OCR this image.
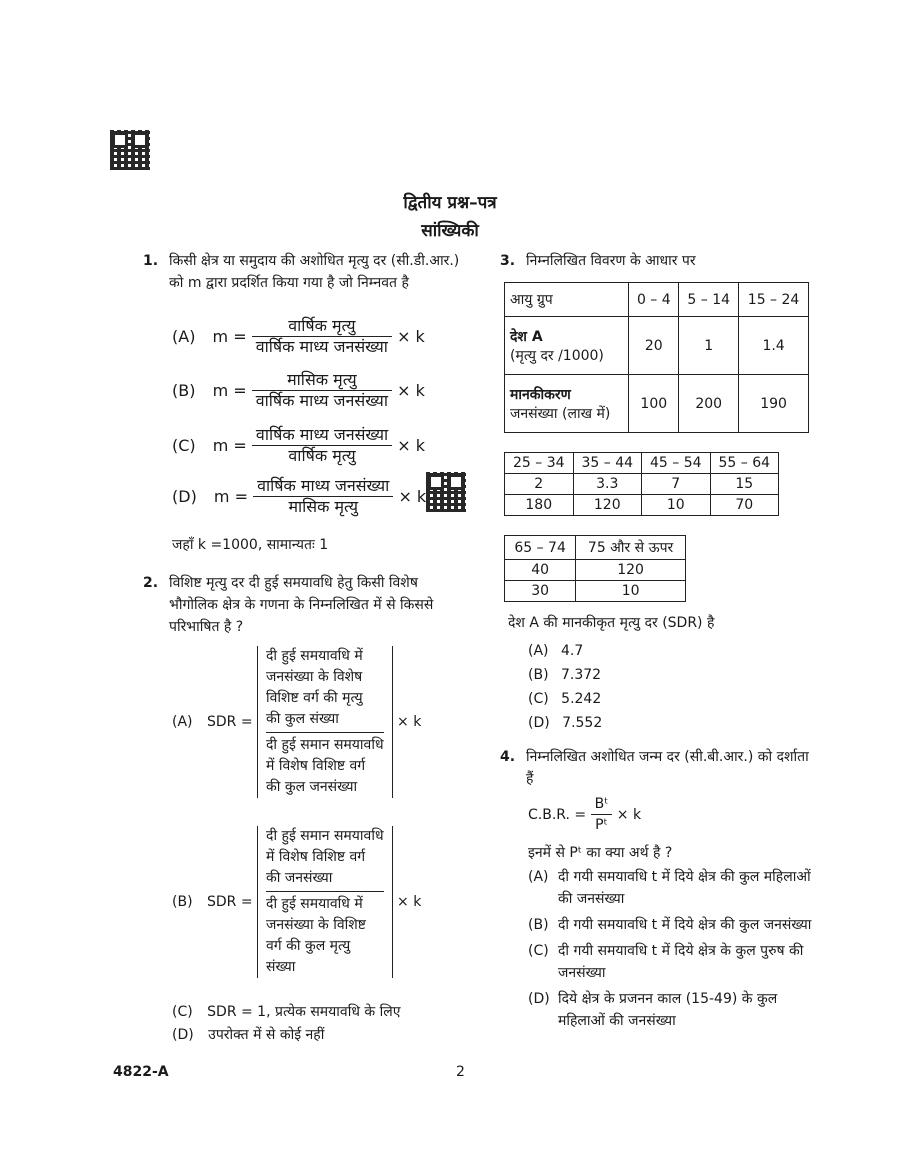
द्वितीय प्रश्न–पत्र
सांख्यिकी
1. किसी क्षेत्र या समुदाय की अशोधित मृत्यु दर (सी.डी.आर.) को m द्वारा प्रदर्शित किया गया है जो निम्नवत है
(A) $m = \frac{\text{वार्षिक मृत्यु}}{\text{वार्षिक माध्य जनसंख्या}} \times k$
(B) $m = \frac{\text{मासिक मृत्यु}}{\text{वार्षिक माध्य जनसंख्या}} \times k$
(C) $m = \frac{\text{वार्षिक माध्य जनसंख्या}}{\text{वार्षिक मृत्यु}} \times k$
(D) $m = \frac{\text{वार्षिक माध्य जनसंख्या}}{\text{मासिक मृत्यु}} \times k$
जहाँ k =1000, सामान्यतः 1
2. विशिष्ट मृत्यु दर दी हुई समयावधि हेतु किसी विशेष भौगोलिक क्षेत्र के गणना के निम्नलिखित में से किससे परिभाषित है ?
(A) SDR =
दी हुई समयावधि में
जनसंख्या के विशेष
विशिष्ट वर्ग की मृत्यु
की कुल संख्या
दी हुई समान समयावधि
में विशेष विशिष्ट वर्ग
की कुल जनसंख्या
× k
(B) SDR =
दी हुई समान समयावधि
में विशेष विशिष्ट वर्ग
की जनसंख्या
दी हुई समयावधि में
जनसंख्या के विशिष्ट
वर्ग की कुल मृत्यु
संख्या
× k
(C) SDR = 1, प्रत्येक समयावधि के लिए
(D) उपरोक्त में से कोई नहीं
3. निम्नलिखित विवरण के आधार पर
आयु ग्रुप	0 – 4	5 – 14	15 – 24

देश A
(मृत्यु दर /1000)	20	1	1.4

मानकीकरण
जनसंख्या (लाख में)	100	200	190
25 – 34	35 – 44	45 – 54	55 – 64
2	3.3	7	15
180	120	10	70
65 – 74	75 और से ऊपर
40	120
30	10
देश A की मानकीकृत मृत्यु दर (SDR) है
(A) 4.7
(B) 7.372
(C) 5.242
(D) 7.552
4. निम्नलिखित अशोधित जन्म दर (सी.बी.आर.) को दर्शाता हैं
C.B.R. = $\frac{\text{Bᵗ}}{\text{Pᵗ}} \times k$
इनमें से Pᵗ का क्या अर्थ है ?
(A) दी गयी समयावधि t में दिये क्षेत्र की कुल महिलाओं की जनसंख्या
(B) दी गयी समयावधि t में दिये क्षेत्र की कुल जनसंख्या
(C) दी गयी समयावधि t में दिये क्षेत्र के कुल पुरुष की जनसंख्या
(D) दिये क्षेत्र के प्रजनन काल (15-49) के कुल महिलाओं की जनसंख्या
4822-A	2
